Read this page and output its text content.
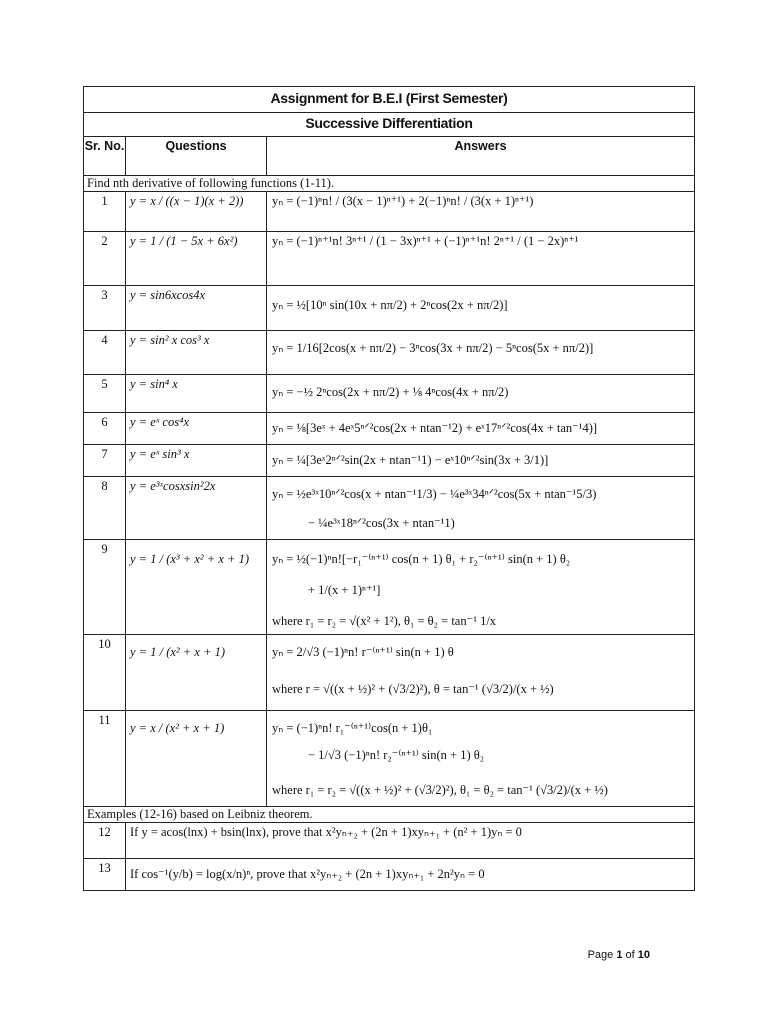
Assignment for B.E.I (First Semester)		
Successive Differentiation		
Sr. No.	Questions	Answers
Find nth derivative of following functions (1-11).		
1	y = x / ((x − 1)(x + 2))	yₙ = (−1)ⁿn! / (3(x − 1)ⁿ⁺¹) + 2(−1)ⁿn! / (3(x + 1)ⁿ⁺¹)

2	y = 1 / (1 − 5x + 6x²)	yₙ = (−1)ⁿ⁺¹n! 3ⁿ⁺¹ / (1 − 3x)ⁿ⁺¹ + (−1)ⁿ⁺¹n! 2ⁿ⁺¹ / (1 − 2x)ⁿ⁺¹

3	y = sin6xcos4x	yₙ = ½[10ⁿ sin(10x + nπ/2) + 2ⁿcos(2x + nπ/2)]

4	y = sin² x cos³ x	yₙ = 1/16[2cos(x + nπ/2) − 3ⁿcos(3x + nπ/2) − 5ⁿcos(5x + nπ/2)]

5	y = sin⁴ x	yₙ = −½ 2ⁿcos(2x + nπ/2) + ⅛ 4ⁿcos(4x + nπ/2)

6	y = eˣ cos⁴x	yₙ = ⅛[3eˣ + 4eˣ5ⁿᐟ²cos(2x + ntan⁻¹2) + eˣ17ⁿᐟ²cos(4x + tan⁻¹4)]

7	y = eˣ sin³ x	yₙ = ¼[3eˣ2ⁿᐟ²sin(2x + ntan⁻¹1) − eˣ10ⁿᐟ²sin(3x + 3/1)]

8	y = e³ˣcosxsin²2x	yₙ = ½e³ˣ10ⁿᐟ²cos(x + ntan⁻¹1/3) − ¼e³ˣ34ⁿᐟ²cos(5x + ntan⁻¹5/3)
− ¼e³ˣ18ⁿᐟ²cos(3x + ntan⁻¹1)

9	y = 1 / (x³ + x² + x + 1)	yₙ = ½(−1)ⁿn![−r₁⁻⁽ⁿ⁺¹⁾ cos(n + 1) θ₁ + r₂⁻⁽ⁿ⁺¹⁾ sin(n + 1) θ₂
+ 1/(x + 1)ⁿ⁺¹]
where r₁ = r₂ = √(x² + 1²), θ₁ = θ₂ = tan⁻¹ 1/x

10	y = 1 / (x² + x + 1)	yₙ = 2/√3 (−1)ⁿn! r⁻⁽ⁿ⁺¹⁾ sin(n + 1) θ
where r = √((x + ½)² + (√3/2)²), θ = tan⁻¹ (√3/2)/(x + ½)

11	y = x / (x² + x + 1)	yₙ = (−1)ⁿn! r₁⁻⁽ⁿ⁺¹⁾cos(n + 1)θ₁
− 1/√3 (−1)ⁿn! r₂⁻⁽ⁿ⁺¹⁾ sin(n + 1) θ₂
where r₁ = r₂ = √((x + ½)² + (√3/2)²), θ₁ = θ₂ = tan⁻¹ (√3/2)/(x + ½)

Examples (12-16) based on Leibniz theorem.		
12	If y = acos(lnx) + bsin(lnx), prove that x²yₙ₊₂ + (2n + 1)xyₙ₊₁ + (n² + 1)yₙ = 0	
13	If cos⁻¹(y/b) = log(x/n)ⁿ, prove that x²yₙ₊₂ + (2n + 1)xyₙ₊₁ + 2n²yₙ = 0	
Page 1 of 10
